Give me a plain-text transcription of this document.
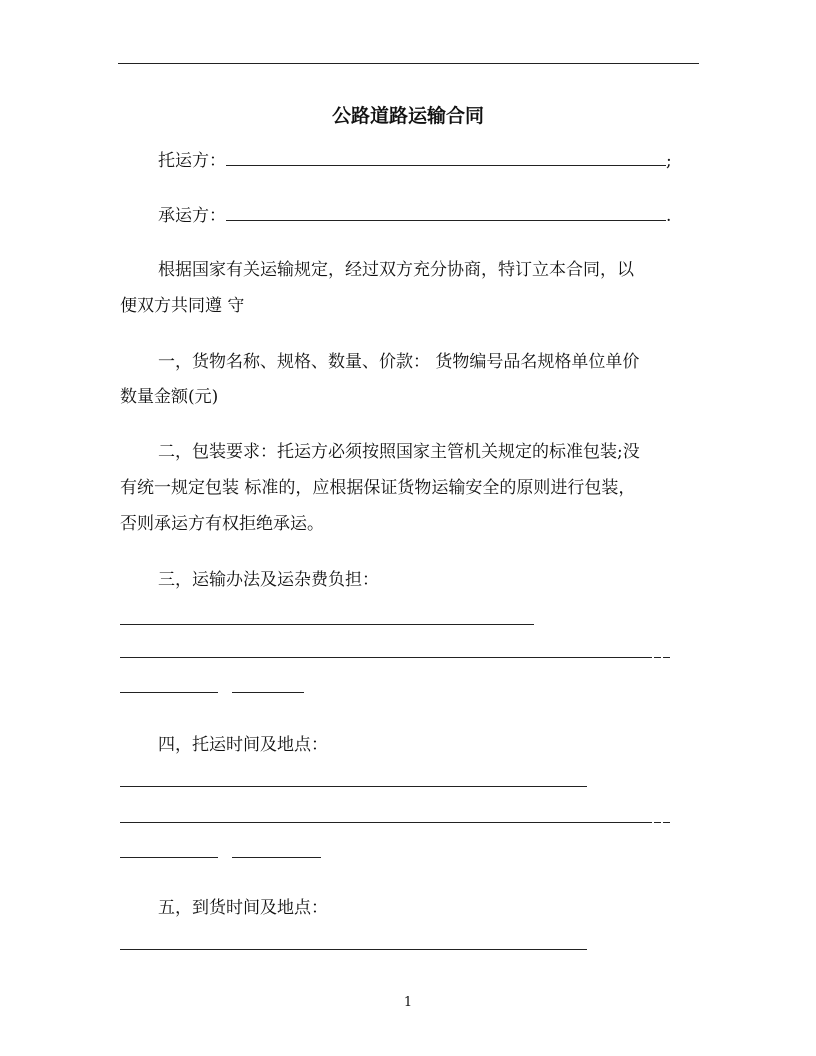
公路道路运输合同
托运方：	;
承运方：	.
根据国家有关运输规定，经过双方充分协商，特订立本合同，以
便双方共同遵 守
一，货物名称、规格、数量、价款： 货物编号品名规格单位单价
数量金额(元)
二，包装要求：托运方必须按照国家主管机关规定的标准包装;没
有统一规定包装 标准的，应根据保证货物运输安全的原则进行包装，
否则承运方有权拒绝承运。
三，运输办法及运杂费负担：
四，托运时间及地点：
五，到货时间及地点：
1
